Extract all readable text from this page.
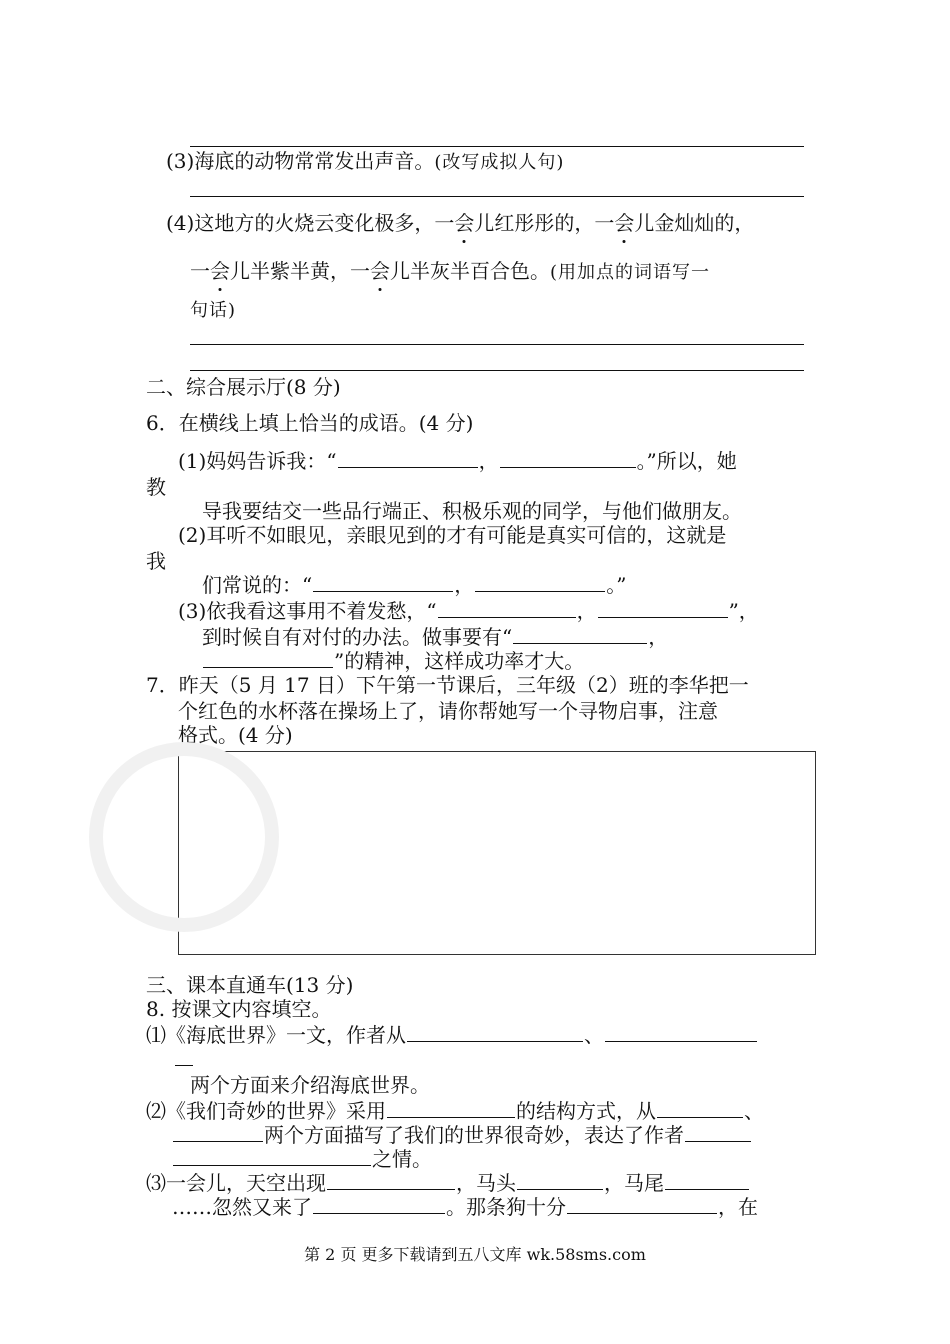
(3)海底的动物常常发出声音。(改写成拟人句)
(4)这地方的火烧云变化极多，一会儿红彤彤的，一会儿金灿灿的，
一会儿半紫半黄，一会儿半灰半百合色。(用加点的词语写一
句话)
二、综合展示厅(8 分)
6．在横线上填上恰当的成语。(4 分)
(1)妈妈告诉我：“	，	。”所以，她
教
导我要结交一些品行端正、积极乐观的同学，与他们做朋友。
(2)耳听不如眼见，亲眼见到的才有可能是真实可信的，这就是
我
们常说的：“	，	。”
(3)依我看这事用不着发愁，“	，	”，
到时候自有对付的办法。做事要有“	，
”的精神，这样成功率才大。
7．昨天（5 月 17 日）下午第一节课后，三年级（2）班的李华把一
个红色的水杯落在操场上了，请你帮她写一个寻物启事，注意
格式。(4 分)
三、课本直通车(13 分)
8. 按课文内容填空。
⑴《海底世界》一文，作者从	、
两个方面来介绍海底世界。
⑵《我们奇妙的世界》采用	的结构方式，从	、
两个方面描写了我们的世界很奇妙，表达了作者
之情。
⑶一会儿，天空出现	，马头	，马尾
……忽然又来了	。那条狗十分	，在
第 2 页 更多下载请到五八文库 wk.58sms.com
